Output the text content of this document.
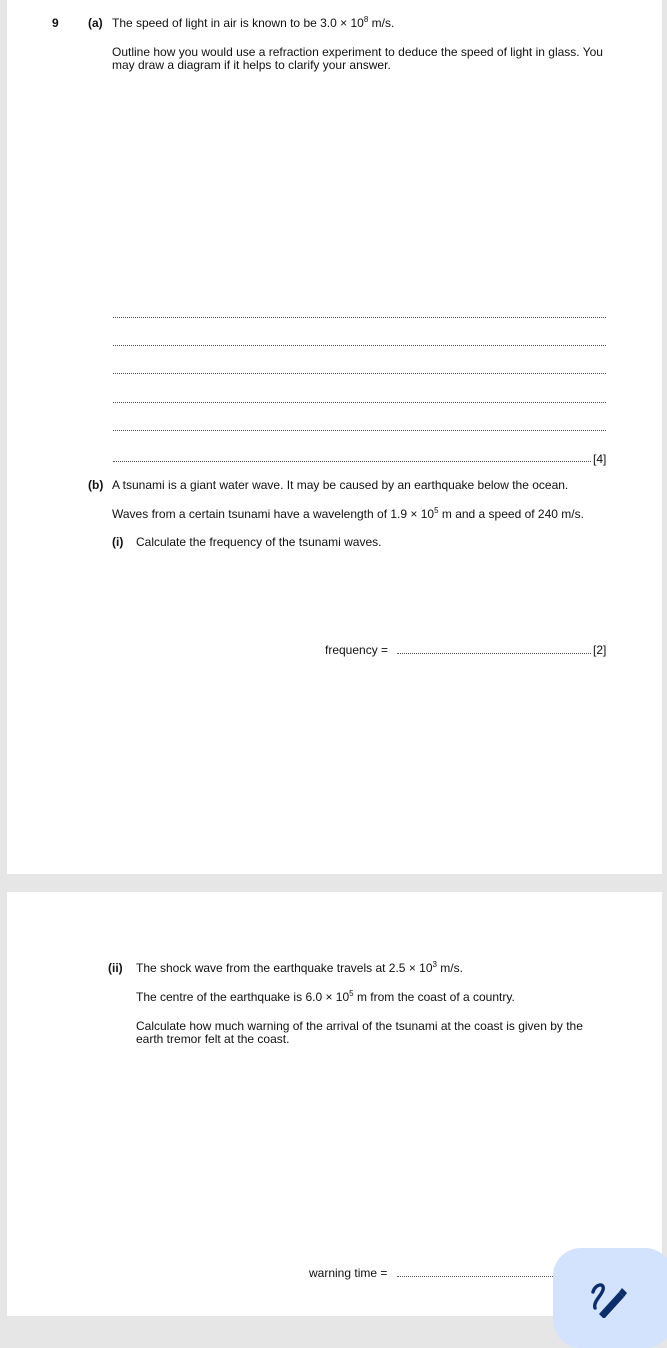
9 (a) The speed of light in air is known to be $3.0 \times 10^8$ m/s.
Outline how you would use a refraction experiment to deduce the speed of light in glass. You may draw a diagram if it helps to clarify your answer.
[4]
(b) A tsunami is a giant water wave. It may be caused by an earthquake below the ocean.
Waves from a certain tsunami have a wavelength of $1.9 \times 10^5$ m and a speed of 240 m/s.
(i) Calculate the frequency of the tsunami waves.
frequency =	[2]
(ii) The shock wave from the earthquake travels at $2.5 \times 10^3$ m/s.
The centre of the earthquake is $6.0 \times 10^5$ m from the coast of a country.
Calculate how much warning of the arrival of the tsunami at the coast is given by the earth tremor felt at the coast.
warning time =
